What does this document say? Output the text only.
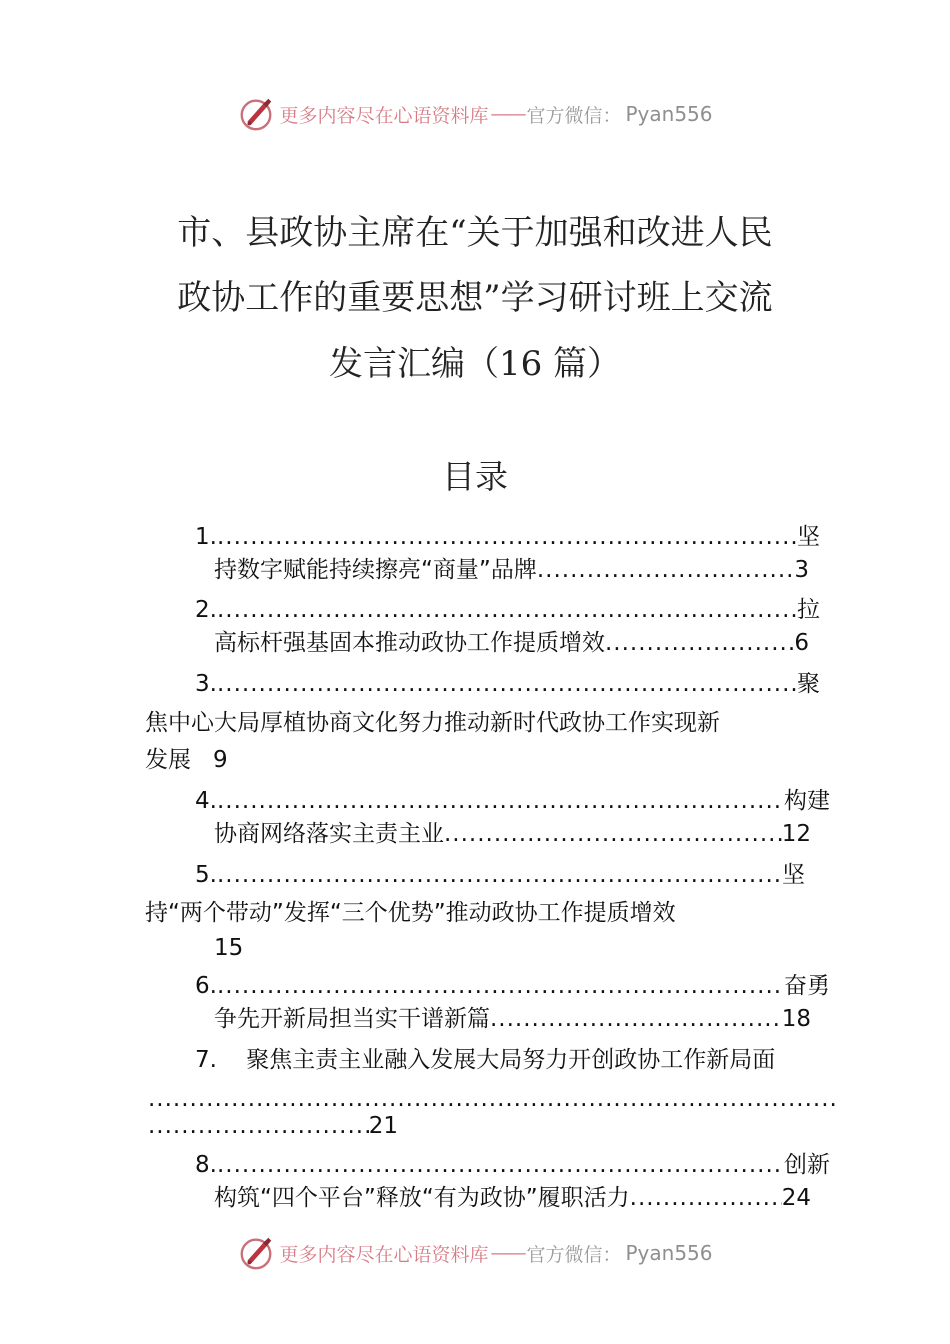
更多内容尽在心语资料库 —— 官方微信： Pyan556
市、县政协主席在“关于加强和改进人民
政协工作的重要思想”学习研讨班上交流
发言汇编（16 篇）
目录
1. .....	坚
持数字赋能持续擦亮“商量”品牌 .....	3
2. .....	拉
高标杆强基固本推动政协工作提质增效 .....	6
3. .....	聚
焦中心大局厚植协商文化努力推动新时代政协工作实现新
发展 9
4. .....	构建
协商网络落实主责主业 .....	12
5. .....	坚
持“两个带动”发挥“三个优势”推动政协工作提质增效
15
6. .....	奋勇
争先开新局担当实干谱新篇 .....	18
7. 聚焦主责主业融入发展大局努力开创政协工作新局面
.....
.....
21
8. .....	创新
构筑“四个平台”释放“有为政协”履职活力 .....	24
更多内容尽在心语资料库 —— 官方微信： Pyan556
